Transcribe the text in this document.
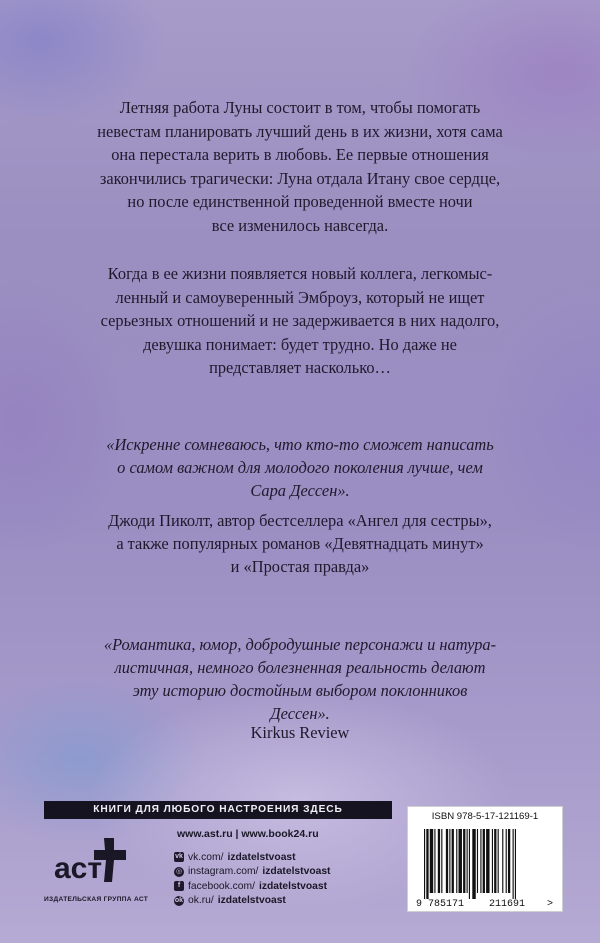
Летняя работа Луны состоит в том, чтобы помогать
невестам планировать лучший день в их жизни, хотя сама
она перестала верить в любовь. Ее первые отношения
закончились трагически: Луна отдала Итану свое сердце,
но после единственной проведенной вместе ночи
все изменилось навсегда.

Когда в ее жизни появляется новый коллега, легкомыс-
ленный и самоуверенный Эмброуз, который не ищет
серьезных отношений и не задерживается в них надолго,
девушка понимает: будет трудно. Но даже не
представляет насколько…

«Искренне сомневаюсь, что кто-то сможет написать
о самом важном для молодого поколения лучше, чем
Сара Дессен».

Джоди Пиколт, автор бестселлера «Ангел для сестры»,
а также популярных романов «Девятнадцать минут»
и «Простая правда»

«Романтика, юмор, добродушные персонажи и натура-
листичная, немного болезненная реальность делают
эту историю достойным выбором поклонников
Дессен».

Kirkus Review

КНИГИ ДЛЯ ЛЮБОГО НАСТРОЕНИЯ ЗДЕСЬ
аст
ИЗДАТЕЛЬСКАЯ ГРУППА АСТ
www.ast.ru | www.book24.ru
vk vk.com/ izdatelstvoast
◎ instagram.com/ izdatelstvoast
f facebook.com/ izdatelstvoast
ok ok.ru/ izdatelstvoast
ISBN 978-5-17-121169-1
9 785171 211691 >
